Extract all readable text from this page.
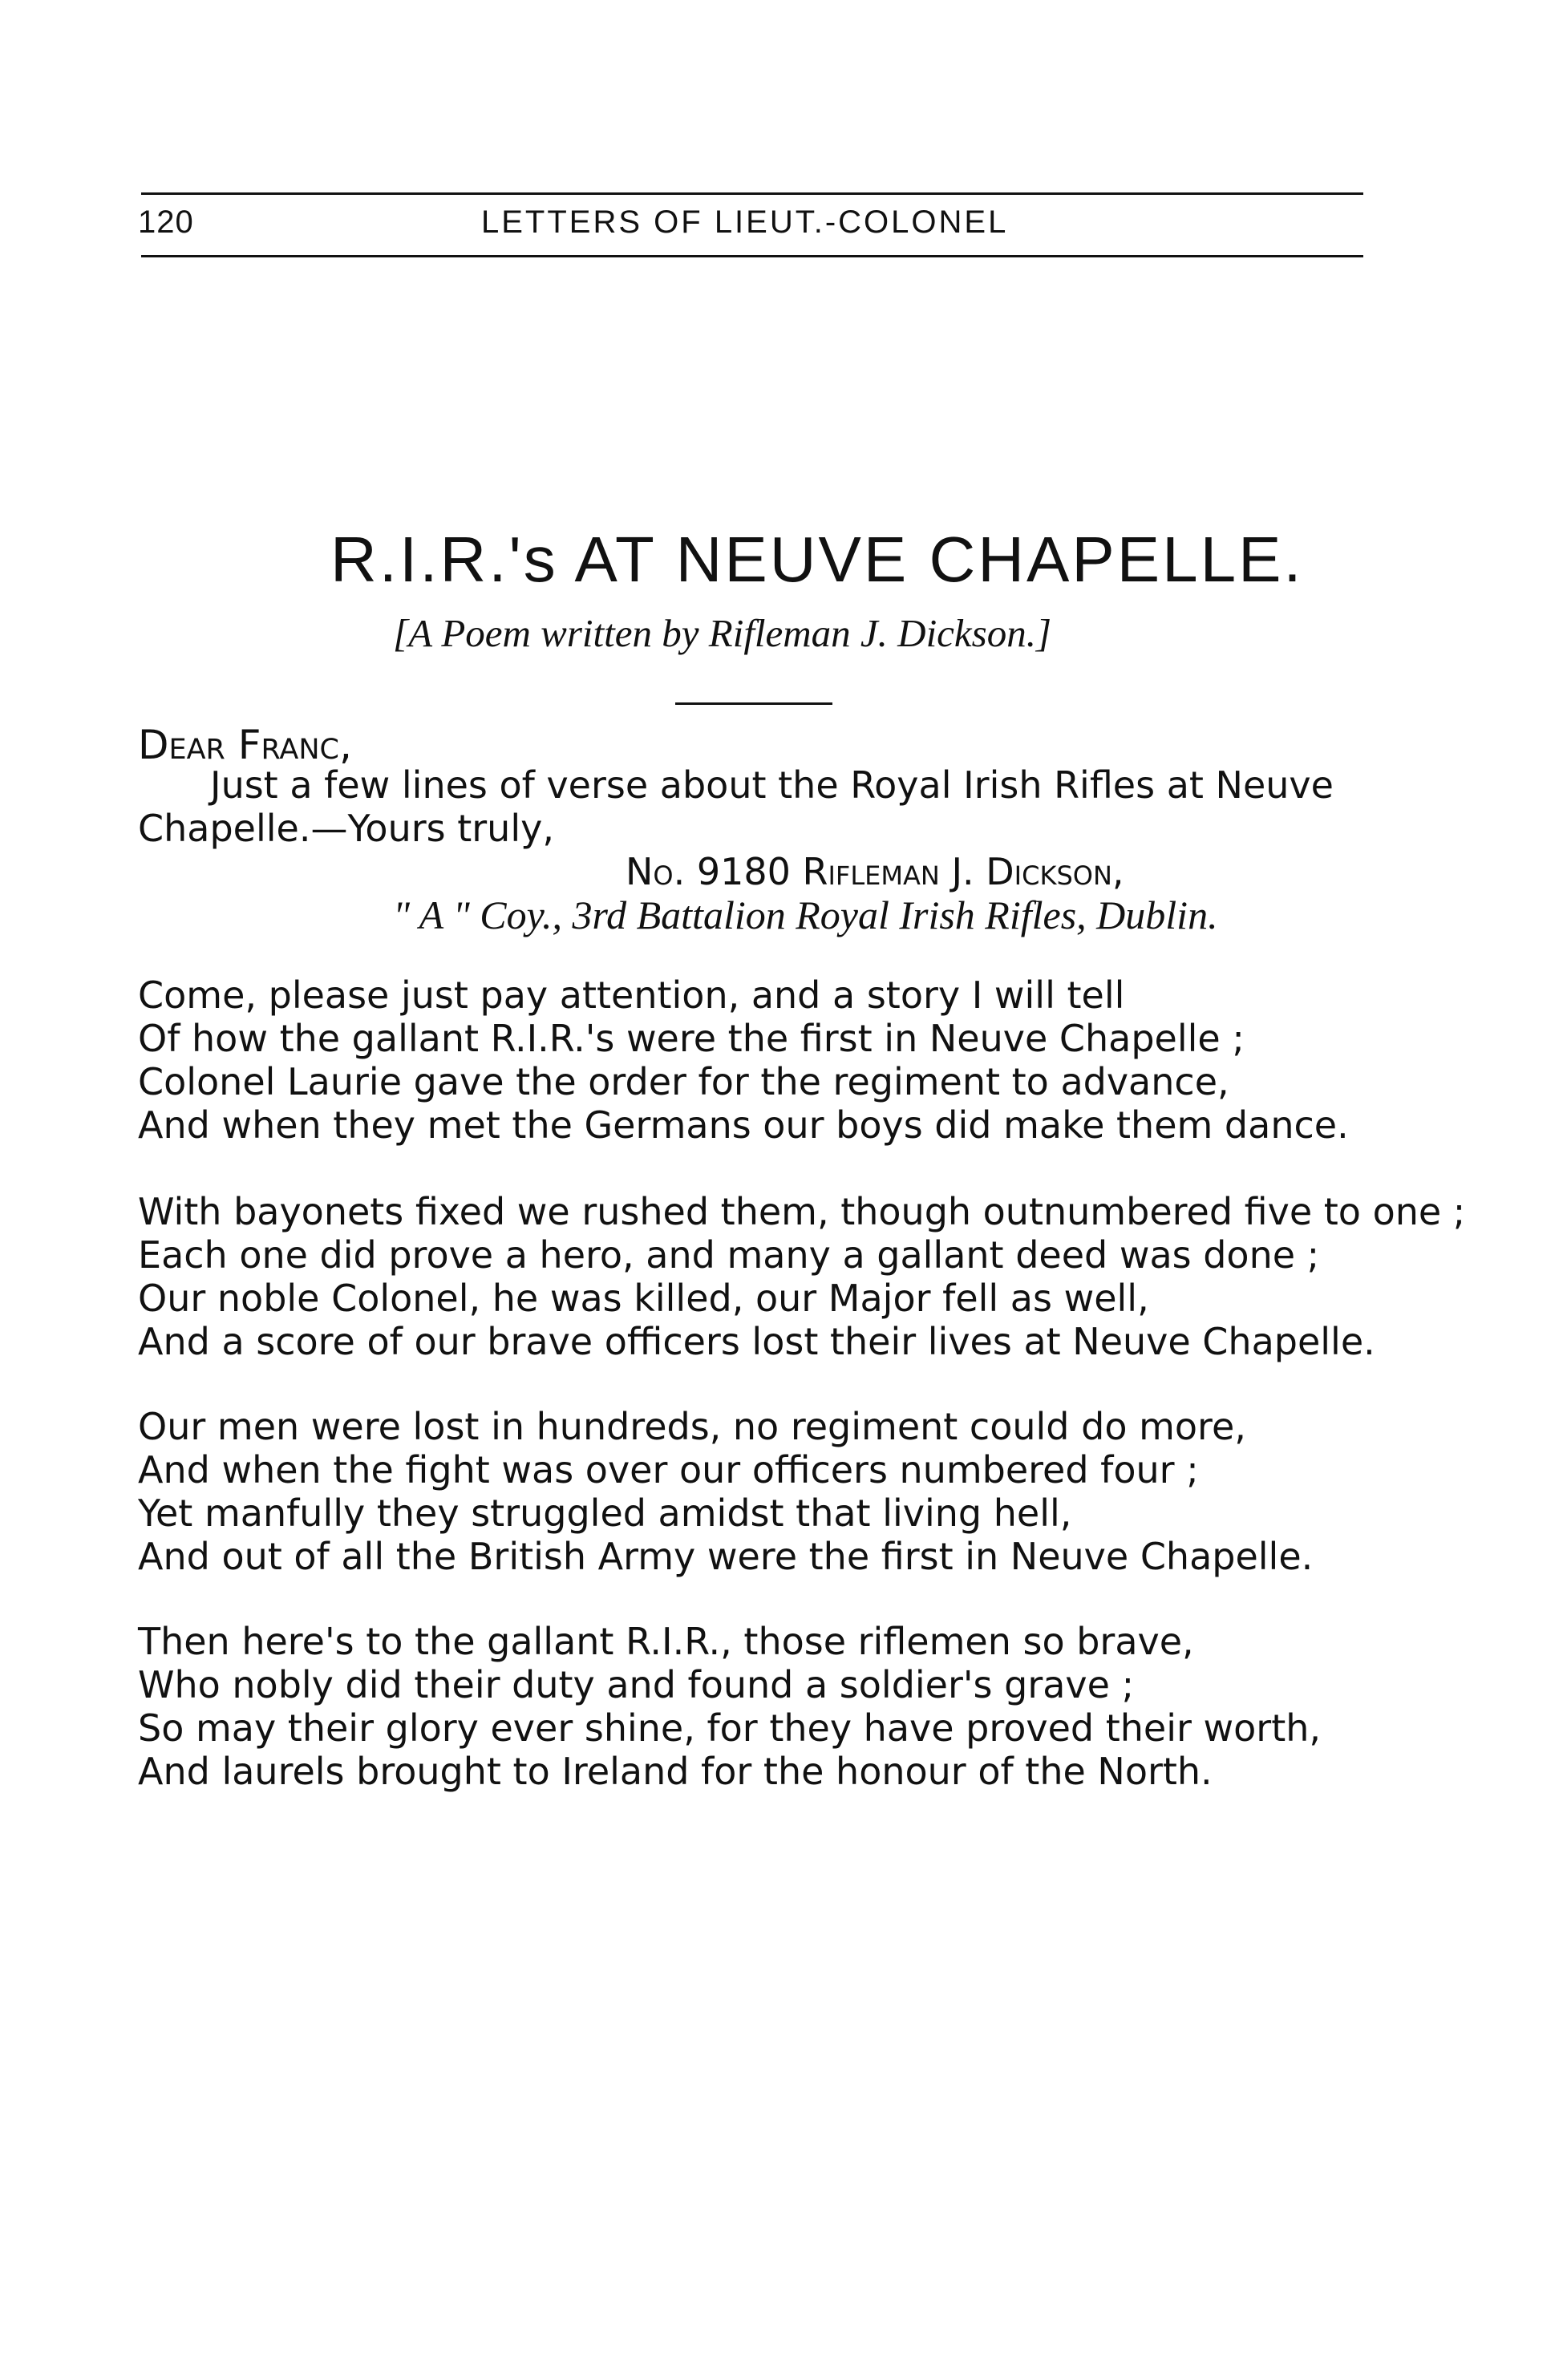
120	LETTERS OF LIEUT.-COLONEL
R.I.R.'s AT NEUVE CHAPELLE.
[A Poem written by Rifleman J. Dickson.]
Dear Franc,
Just a few lines of verse about the Royal Irish Rifles at Neuve
Chapelle.—Yours truly,
No. 9180 Rifleman J. Dickson,
" A " Coy., 3rd Battalion Royal Irish Rifles, Dublin.
Come, please just pay attention, and a story I will tell
Of how the gallant R.I.R.'s were the first in Neuve Chapelle ;
Colonel Laurie gave the order for the regiment to advance,
And when they met the Germans our boys did make them dance.
With bayonets fixed we rushed them, though outnumbered five to one ;
Each one did prove a hero, and many a gallant deed was done ;
Our noble Colonel, he was killed, our Major fell as well,
And a score of our brave officers lost their lives at Neuve Chapelle.
Our men were lost in hundreds, no regiment could do more,
And when the fight was over our officers numbered four ;
Yet manfully they struggled amidst that living hell,
And out of all the British Army were the first in Neuve Chapelle.
Then here's to the gallant R.I.R., those riflemen so brave,
Who nobly did their duty and found a soldier's grave ;
So may their glory ever shine, for they have proved their worth,
And laurels brought to Ireland for the honour of the North.
